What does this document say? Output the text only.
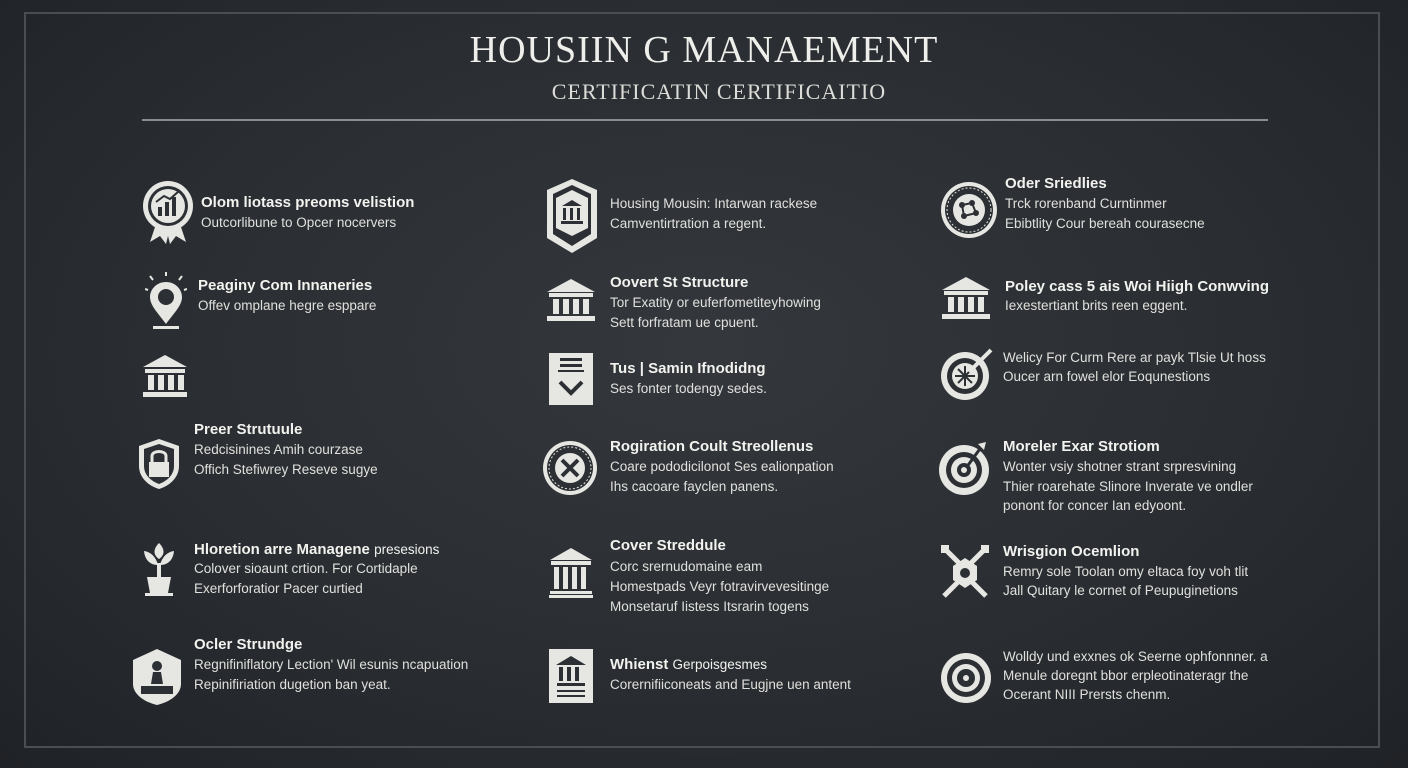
HOUSIIN G MANAEMENT
CERTIFICATIN CERTIFICAITIO
Olom liotass preoms velistion
Outcorlibune to Opcer nocervers
Peaginy Com Innaneries
Offev omplane hegre esppare
Preer Strutuule
Redcisinines Amih courzase
Offich Stefiwrey Reseve sugye
Hloretion arre Managene presesions
Colover sioaunt crtion. For Cortidaple
Exerforforatior Pacer curtied
Ocler Strundge
Regnifiniflatory Lection' Wil esunis ncapuation
Repinifiriation dugetion ban yeat.
Housing Mousin: Intarwan rackese
Camventirtration a regent.
Oovert St Structure
Tor Exatity or euferfometiteyhowing
Sett forfratam ue cpuent.
Tus | Samin Ifnodidng
Ses fonter todengy sedes.
Rogiration Coult Streollenus
Coare pododicilonot Ses ealionpation
Ihs cacoare fayclen panens.
Cover Streddule
Corc srernudomaine eam
Homestpads Veyr fotravirvevesitinge
Monsetaruf Iistess Itsrarin togens
Whienst Gerpoisgesmes
Corernifiiconeats and Eugjne uen antent
Oder Sriedlies
Trck rorenband Curntinmer
Ebibtlity Cour bereah courasecne
Poley cass 5 ais Woi Hiigh Conwving
Iexestertiant brits reen eggent.
Welicy For Curm Rere ar payk Tlsie Ut hoss
Oucer arn fowel elor Eoqunestions
Moreler Exar Strotiom
Wonter vsiy shotner strant srpresvining
Thier roarehate Slinore Inverate ve ondler
ponont for concer Ian edyoont.
Wrisgion Ocemlion
Remry sole Toolan omy eltaca foy voh tlit
Jall Quitary le cornet of Peupuginetions
Wolldy und exxnes ok Seerne ophfonnner. a
Menule doregnt bbor erpleotinateragr the
Ocerant NIII Prersts chenm.
